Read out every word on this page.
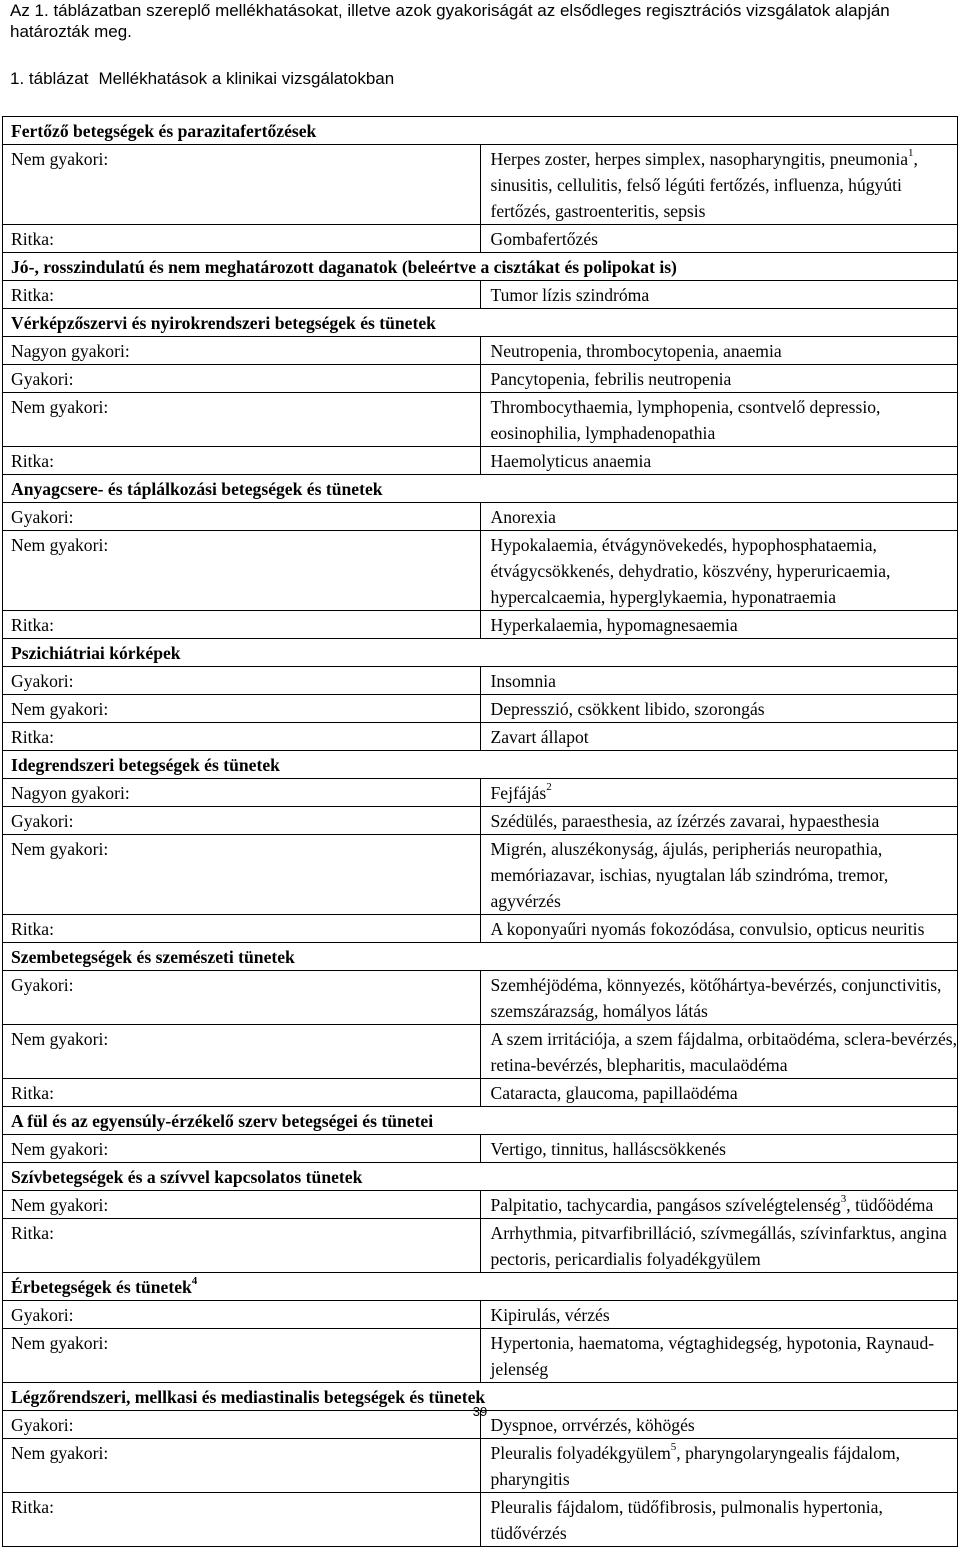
Az 1. táblázatban szereplő mellékhatásokat, illetve azok gyakoriságát az elsődleges regisztrációs vizsgálatok alapján határozták meg.
1. táblázat Mellékhatások a klinikai vizsgálatokban
Fertőző betegségek és parazitafertőzések	
Nem gyakori:	Herpes zoster, herpes simplex, nasopharyngitis, pneumonia$^1$, sinusitis, cellulitis, felső légúti fertőzés, influenza, húgyúti fertőzés, gastroenteritis, sepsis
Ritka:	Gombafertőzés
Jó-, rosszindulatú és nem meghatározott daganatok (beleértve a cisztákat és polipokat is)	
Ritka:	Tumor lízis szindróma
Vérképzőszervi és nyirokrendszeri betegségek és tünetek	
Nagyon gyakori:	Neutropenia, thrombocytopenia, anaemia
Gyakori:	Pancytopenia, febrilis neutropenia
Nem gyakori:	Thrombocythaemia, lymphopenia, csontvelő depressio, eosinophilia, lymphadenopathia
Ritka:	Haemolyticus anaemia
Anyagcsere- és táplálkozási betegségek és tünetek	
Gyakori:	Anorexia
Nem gyakori:	Hypokalaemia, étvágynövekedés, hypophosphataemia, étvágycsökkenés, dehydratio, köszvény, hyperuricaemia, hypercalcaemia, hyperglykaemia, hyponatraemia
Ritka:	Hyperkalaemia, hypomagnesaemia
Pszichiátriai kórképek	
Gyakori:	Insomnia
Nem gyakori:	Depresszió, csökkent libido, szorongás
Ritka:	Zavart állapot
Idegrendszeri betegségek és tünetek	
Nagyon gyakori:	Fejfájás$^2$
Gyakori:	Szédülés, paraesthesia, az ízérzés zavarai, hypaesthesia
Nem gyakori:	Migrén, aluszékonyság, ájulás, peripheriás neuropathia, memóriazavar, ischias, nyugtalan láb szindróma, tremor, agyvérzés
Ritka:	A koponyaűri nyomás fokozódása, convulsio, opticus neuritis
Szembetegségek és szemészeti tünetek	
Gyakori:	Szemhéjödéma, könnyezés, kötőhártya-bevérzés, conjunctivitis, szemszárazság, homályos látás
Nem gyakori:	A szem irritációja, a szem fájdalma, orbitaödéma, sclera-bevérzés, retina-bevérzés, blepharitis, maculaödéma
Ritka:	Cataracta, glaucoma, papillaödéma
A fül és az egyensúly-érzékelő szerv betegségei és tünetei	
Nem gyakori:	Vertigo, tinnitus, halláscsökkenés
Szívbetegségek és a szívvel kapcsolatos tünetek	
Nem gyakori:	Palpitatio, tachycardia, pangásos szívelégtelenség$^3$, tüdőödéma
Ritka:	Arrhythmia, pitvarfibrilláció, szívmegállás, szívinfarktus, angina pectoris, pericardialis folyadékgyülem
Érbetegségek és tünetek$^4$
Gyakori:	Kipirulás, vérzés
Nem gyakori:	Hypertonia, haematoma, végtaghidegség, hypotonia, Raynaud-jelenség
Légzőrendszeri, mellkasi és mediastinalis betegségek és tünetek	
Gyakori:	Dyspnoe, orrvérzés, köhögés
Nem gyakori:	Pleuralis folyadékgyülem$^5$, pharyngolaryngealis fájdalom, pharyngitis
Ritka:	Pleuralis fájdalom, tüdőfibrosis, pulmonalis hypertonia, tüdővérzés
39
